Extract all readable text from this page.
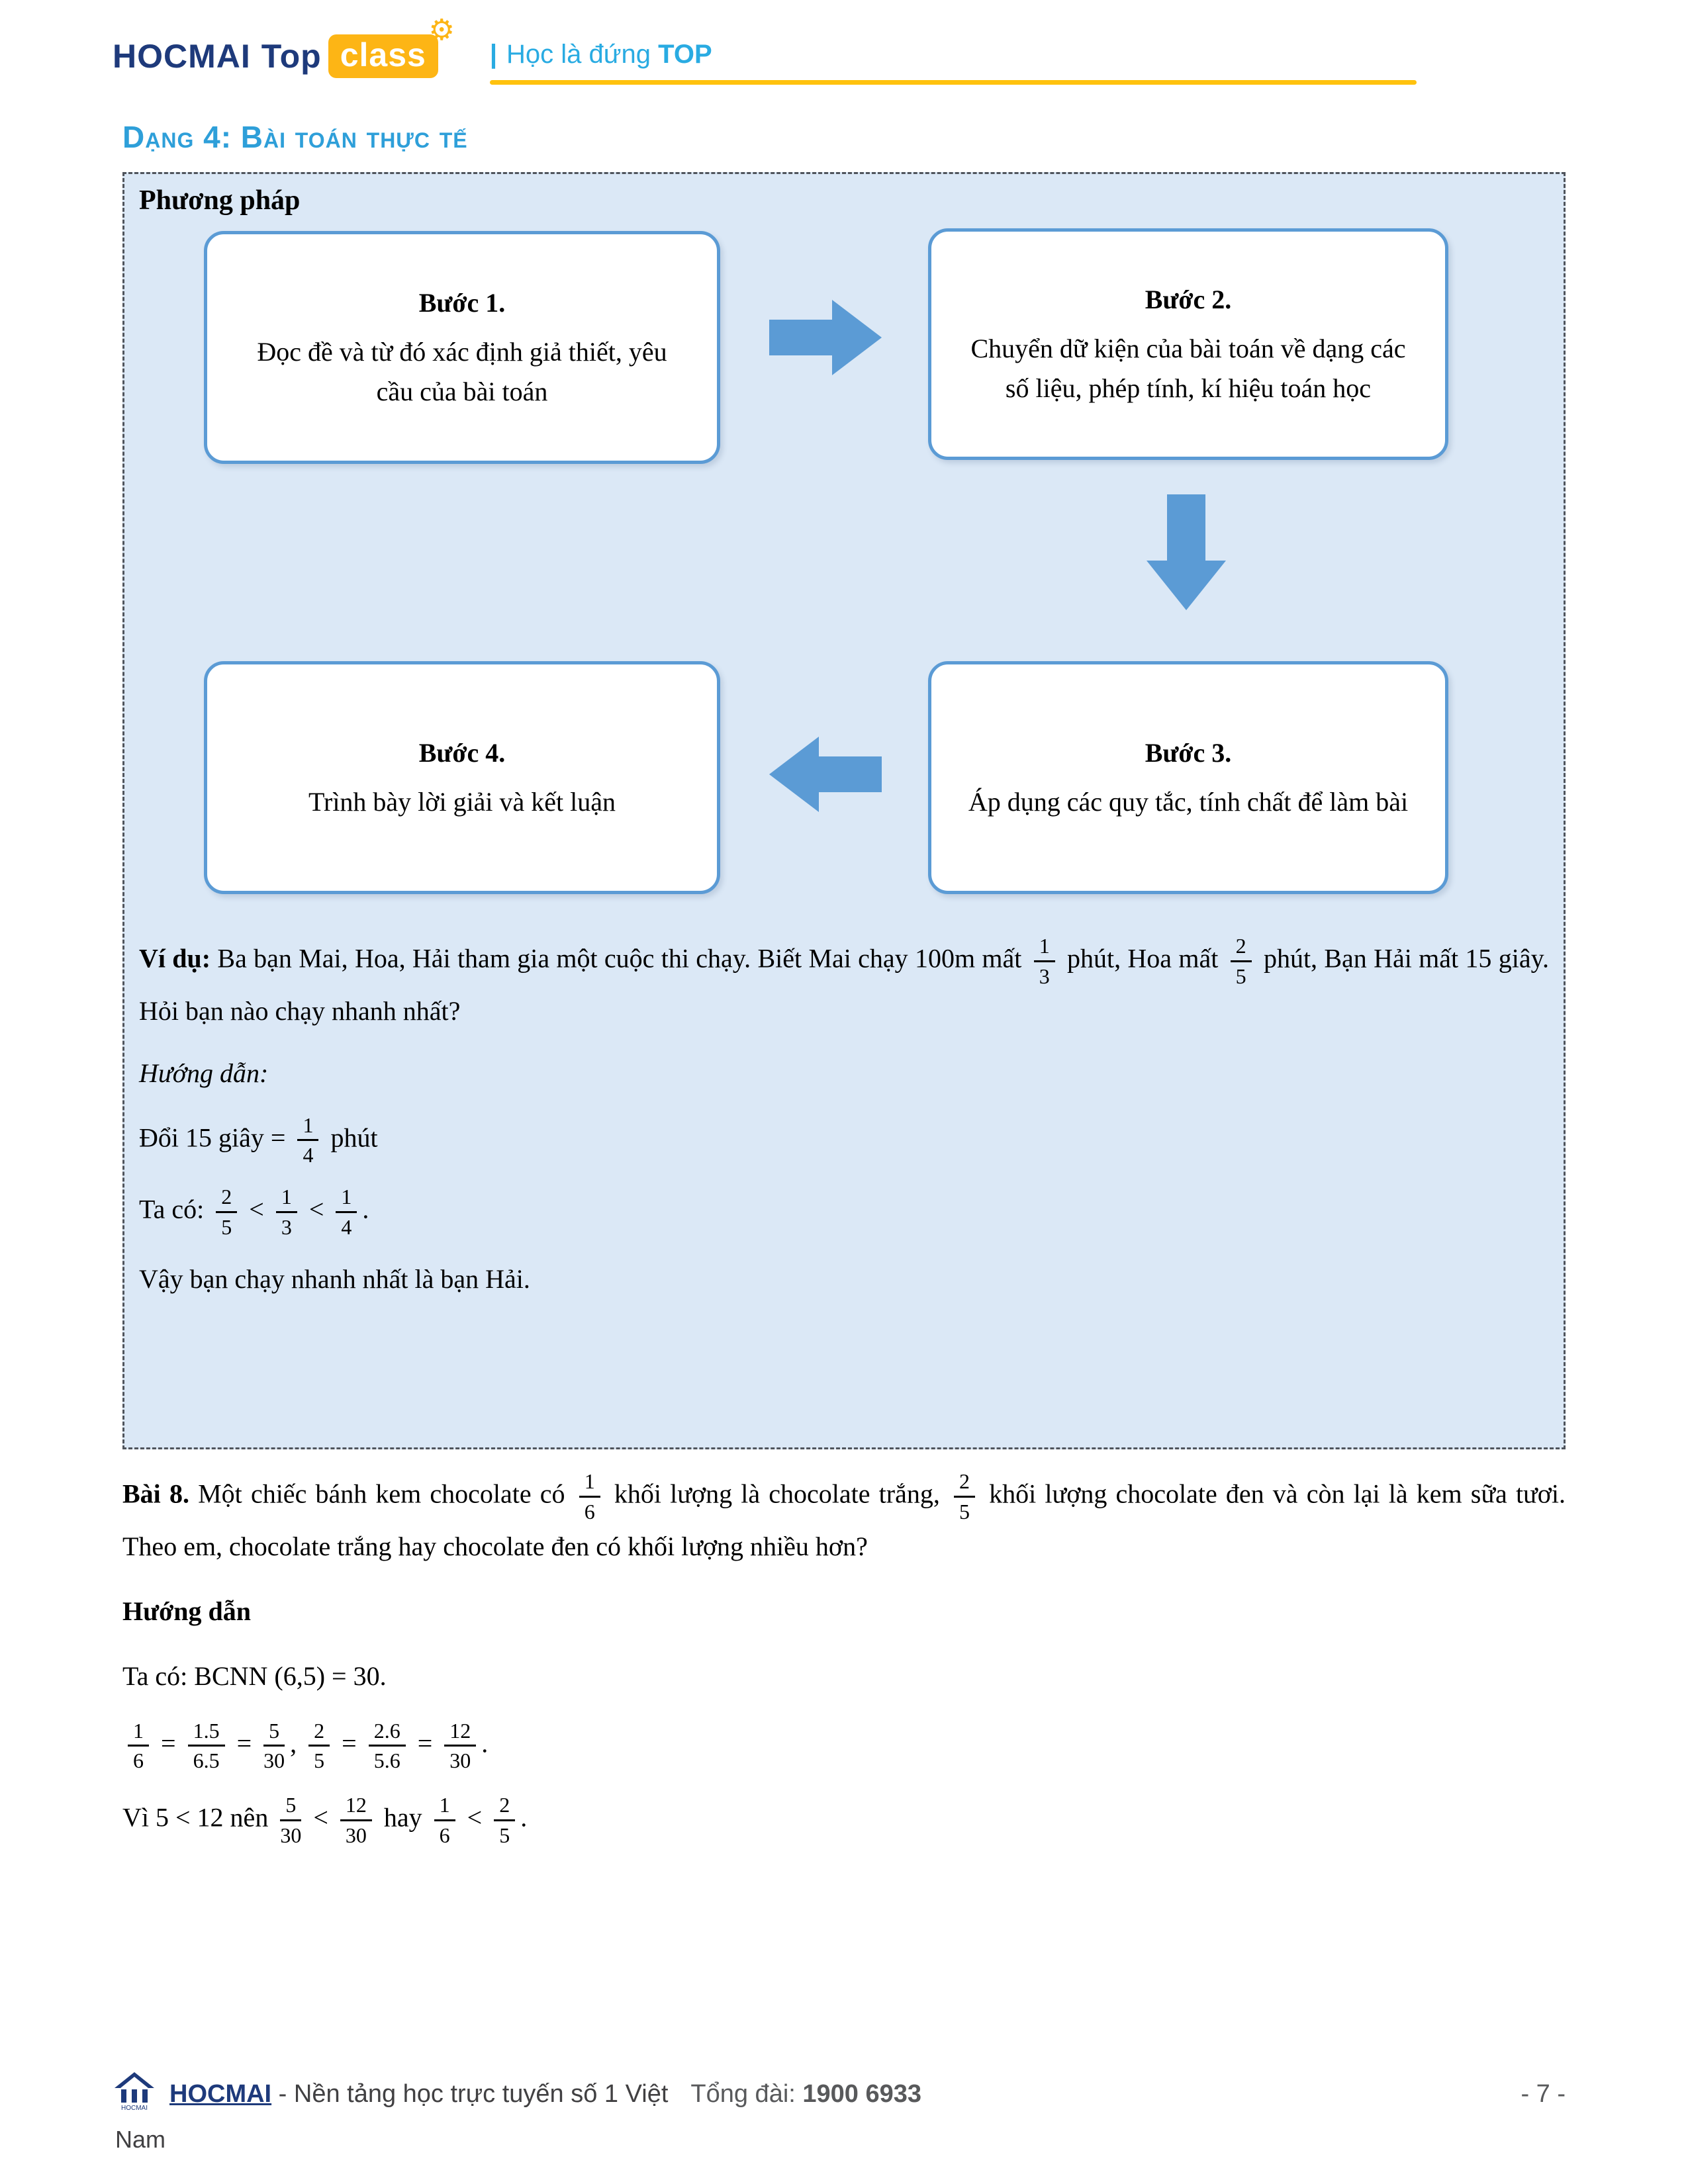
HOCMAI Top class
⚙
| Học là đứng TOP
Dạng 4: Bài toán thực tế
Phương pháp
Bước 1.
Đọc đề và từ đó xác định giả thiết, yêu cầu của bài toán
Bước 2.
Chuyển dữ kiện của bài toán về dạng các số liệu, phép tính, kí hiệu toán học
Bước 3.
Áp dụng các quy tắc, tính chất để làm bài
Bước 4.
Trình bày lời giải và kết luận

Ví dụ: Ba bạn Mai, Hoa, Hải tham gia một cuộc thi chạy. Biết Mai chạy 100m mất $\frac{1}{3}$ phút, Hoa mất $\frac{2}{5}$ phút, Bạn Hải mất 15 giây. Hỏi bạn nào chạy nhanh nhất?

Hướng dẫn:

Đổi 15 giây = $\frac{1}{4}$ phút

Ta có: $\frac{2}{5} < \frac{1}{3} < \frac{1}{4}$ .

Vậy bạn chạy nhanh nhất là bạn Hải.

Bài 8. Một chiếc bánh kem chocolate có $\frac{1}{6}$ khối lượng là chocolate trắng, $\frac{2}{5}$ khối lượng chocolate đen và còn lại là kem sữa tươi. Theo em, chocolate trắng hay chocolate đen có khối lượng nhiều hơn?

Hướng dẫn

Ta có: BCNN (6,5) = 30.

$\frac{1}{6} = \frac{1.5}{6.5} = \frac{5}{30}$ , $\frac{2}{5} = \frac{2.6}{5.6} = \frac{12}{30}$ .

Vì 5 < 12 nên $\frac{5}{30} < \frac{12}{30}$ hay $\frac{1}{6} < \frac{2}{5}$ .

HOCMAI
HOCMAI - Nền tảng học trực tuyến số 1 Việt Tổng đài: 1900 6933	- 7 -
Nam
